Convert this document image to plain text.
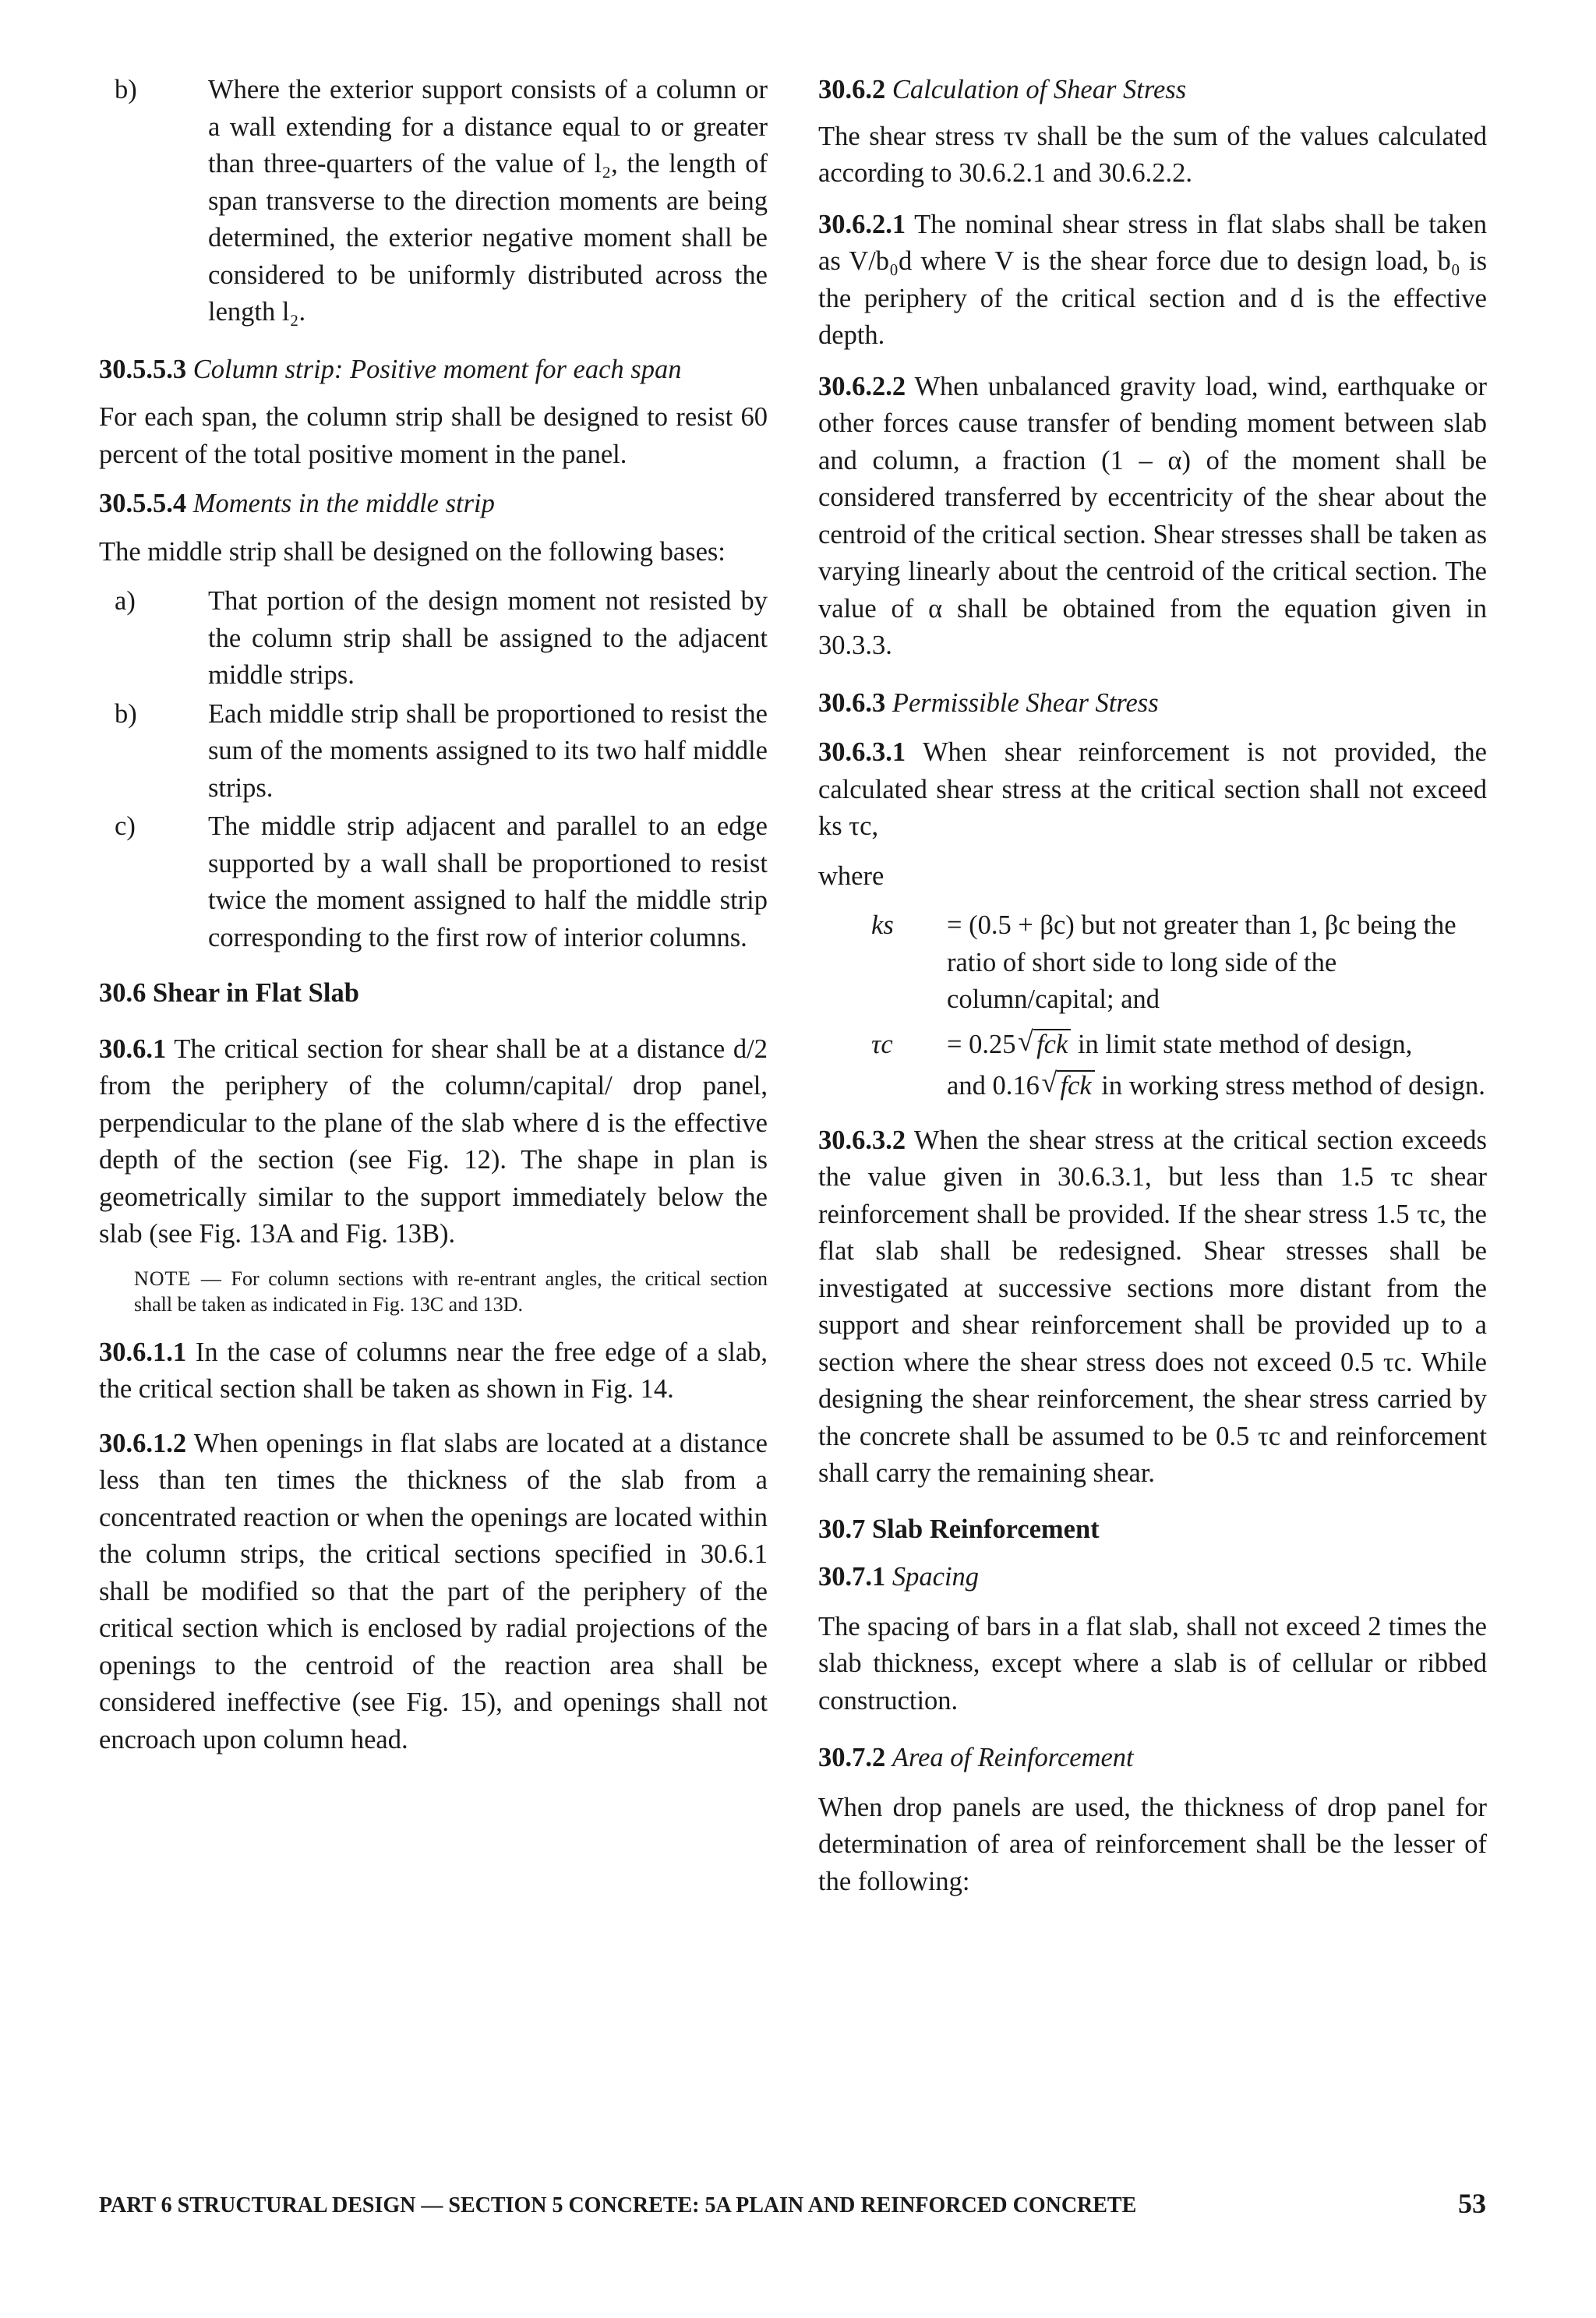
b)	Where the exterior support consists of a column or a wall extending for a distance equal to or greater than three-quarters of the value of l₂, the length of span transverse to the direction moments are being determined, the exterior negative moment shall be considered to be uniformly distributed across the length l₂.

30.5.5.3 Column strip: Positive moment for each span

For each span, the column strip shall be designed to resist 60 percent of the total positive moment in the panel.

30.5.5.4 Moments in the middle strip

The middle strip shall be designed on the following bases:

a)	That portion of the design moment not resisted by the column strip shall be assigned to the adjacent middle strips.

b)	Each middle strip shall be proportioned to resist the sum of the moments assigned to its two half middle strips.

c)	The middle strip adjacent and parallel to an edge supported by a wall shall be proportioned to resist twice the moment assigned to half the middle strip corresponding to the first row of interior columns.

30.6 Shear in Flat Slab

30.6.1 The critical section for shear shall be at a distance d/2 from the periphery of the column/capital/ drop panel, perpendicular to the plane of the slab where d is the effective depth of the section (see Fig. 12). The shape in plan is geometrically similar to the support immediately below the slab (see Fig. 13A and Fig. 13B).

NOTE — For column sections with re-entrant angles, the critical section shall be taken as indicated in Fig. 13C and 13D.

30.6.1.1 In the case of columns near the free edge of a slab, the critical section shall be taken as shown in Fig. 14.

30.6.1.2 When openings in flat slabs are located at a distance less than ten times the thickness of the slab from a concentrated reaction or when the openings are located within the column strips, the critical sections specified in 30.6.1 shall be modified so that the part of the periphery of the critical section which is enclosed by radial projections of the openings to the centroid of the reaction area shall be considered ineffective (see Fig. 15), and openings shall not encroach upon column head.

30.6.2 Calculation of Shear Stress

The shear stress τv shall be the sum of the values calculated according to 30.6.2.1 and 30.6.2.2.

30.6.2.1 The nominal shear stress in flat slabs shall be taken as V/b₀d where V is the shear force due to design load, b₀ is the periphery of the critical section and d is the effective depth.

30.6.2.2 When unbalanced gravity load, wind, earthquake or other forces cause transfer of bending moment between slab and column, a fraction (1 – α) of the moment shall be considered transferred by eccentricity of the shear about the centroid of the critical section. Shear stresses shall be taken as varying linearly about the centroid of the critical section. The value of α shall be obtained from the equation given in 30.3.3.

30.6.3 Permissible Shear Stress

30.6.3.1 When shear reinforcement is not provided, the calculated shear stress at the critical section shall not exceed ks τc,

where

ks = (0.5 + βc) but not greater than 1, βc being the ratio of short side to long side of the column/capital; and

τc = 0.25 √ fck in limit state method of design,

and 0.16 √ fck in working stress method of design.

30.6.3.2 When the shear stress at the critical section exceeds the value given in 30.6.3.1, but less than 1.5 τc shear reinforcement shall be provided. If the shear stress 1.5 τc, the flat slab shall be redesigned. Shear stresses shall be investigated at successive sections more distant from the support and shear reinforcement shall be provided up to a section where the shear stress does not exceed 0.5 τc. While designing the shear reinforcement, the shear stress carried by the concrete shall be assumed to be 0.5 τc and reinforcement shall carry the remaining shear.

30.7 Slab Reinforcement

30.7.1 Spacing

The spacing of bars in a flat slab, shall not exceed 2 times the slab thickness, except where a slab is of cellular or ribbed construction.

30.7.2 Area of Reinforcement

When drop panels are used, the thickness of drop panel for determination of area of reinforcement shall be the lesser of the following:

PART 6 STRUCTURAL DESIGN — SECTION 5 CONCRETE: 5A PLAIN AND REINFORCED CONCRETE	53
